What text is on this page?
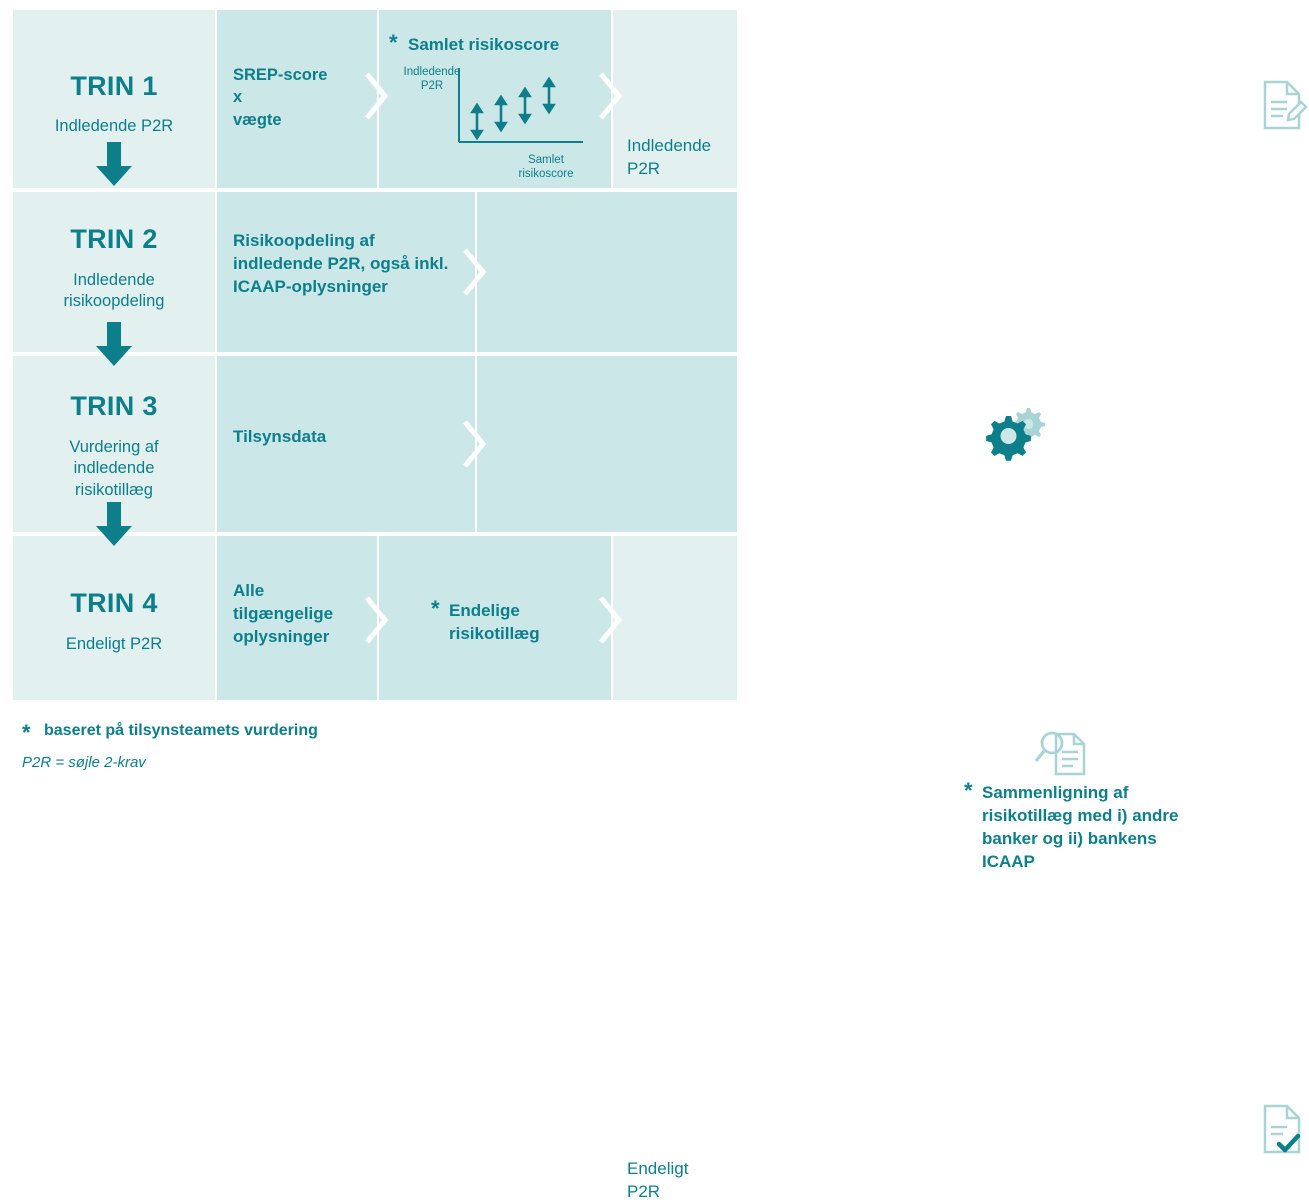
TRIN 1
Indledende P2R
SREP-score
x
vægte
* Samlet risikoscore
Indledende
P2R
Samlet
risikoscore
Indledende
P2R
TRIN 2
Indledende
risikoopdeling
Risikoopdeling af indledende P2R, også inkl. ICAAP-oplysninger

TRIN 3
Vurdering af
indledende
risikotillæg
Tilsynsdata
* Sammenligning af risikotillæg med i) andre banker og ii) bankens ICAAP
TRIN 4
Endeligt P2R
Alle
tilgængelige
oplysninger
* Endelige risikotillæg
Endeligt
P2R
* baseret på tilsynsteamets vurdering
P2R = søjle 2-krav
